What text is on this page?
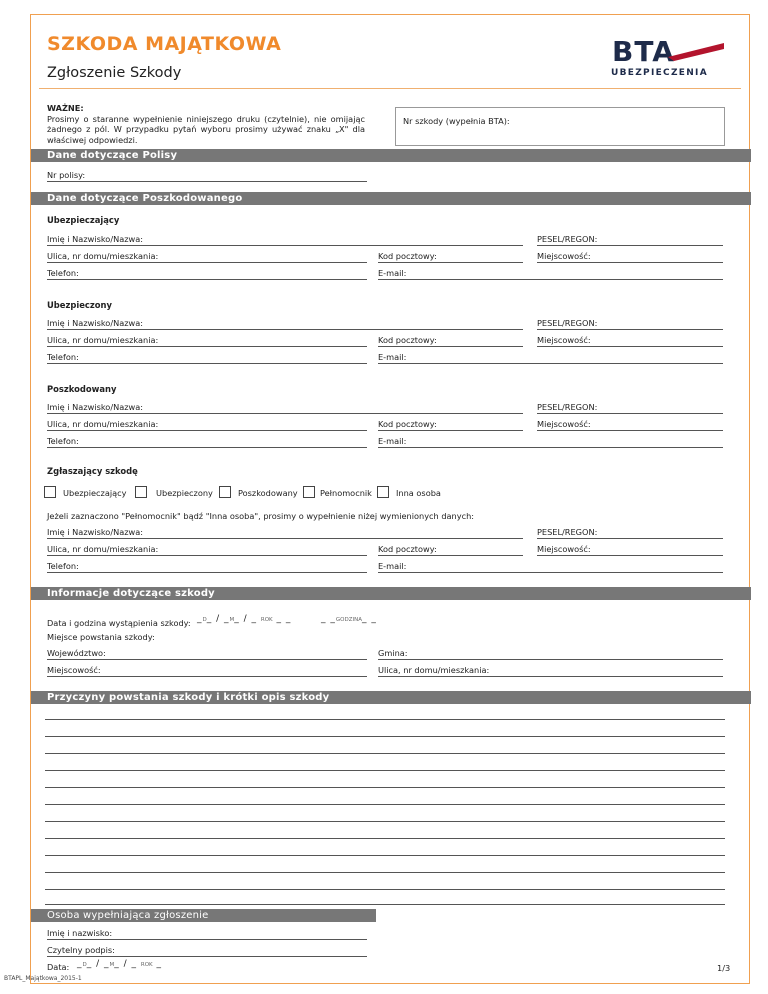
SZKODA MAJĄTKOWA
Zgłoszenie Szkody
BTA
UBEZPIECZENIA
WAŻNE:
Prosimy o staranne wypełnienie niniejszego druku (czytelnie), nie omijając żadnego z pól. W przypadku pytań wyboru prosimy używać znaku „X" dla właściwej odpowiedzi.
Nr szkody (wypełnia BTA):
Dane dotyczące Polisy
Nr polisy:
Dane dotyczące Poszkodowanego
Ubezpieczający
Imię i Nazwisko/Nazwa:	PESEL/REGON:
Ulica, nr domu/mieszkania:	Kod pocztowy:	Miejscowość:
Telefon:	E-mail:
Ubezpieczony
Imię i Nazwisko/Nazwa:	PESEL/REGON:
Ulica, nr domu/mieszkania:	Kod pocztowy:	Miejscowość:
Telefon:	E-mail:
Poszkodowany
Imię i Nazwisko/Nazwa:	PESEL/REGON:
Ulica, nr domu/mieszkania:	Kod pocztowy:	Miejscowość:
Telefon:	E-mail:
Zgłaszający szkodę
Ubezpieczający	Ubezpieczony	Poszkodowany	Pełnomocnik	Inna osoba
Jeżeli zaznaczono "Pełnomocnik" bądź "Inna osoba", prosimy o wypełnienie niżej wymienionych danych:
Imię i Nazwisko/Nazwa:	PESEL/REGON:
Ulica, nr domu/mieszkania:	Kod pocztowy:	Miejscowość:
Telefon:	E-mail:
Informacje dotyczące szkody
Data i godzina wystąpienia szkody: _D_ / _M_ / _ ROK _ _	_ _GODZINA_ _
Miejsce powstania szkody:
Województwo:	Gmina:
Miejscowość:	Ulica, nr domu/mieszkania:
Przyczyny powstania szkody i krótki opis szkody
Osoba wypełniająca zgłoszenie
Imię i nazwisko:
Czytelny podpis:
Data: _D_ / _M_ / _ ROK _	1/3
BTAPL_Majątkowa_2015-1
